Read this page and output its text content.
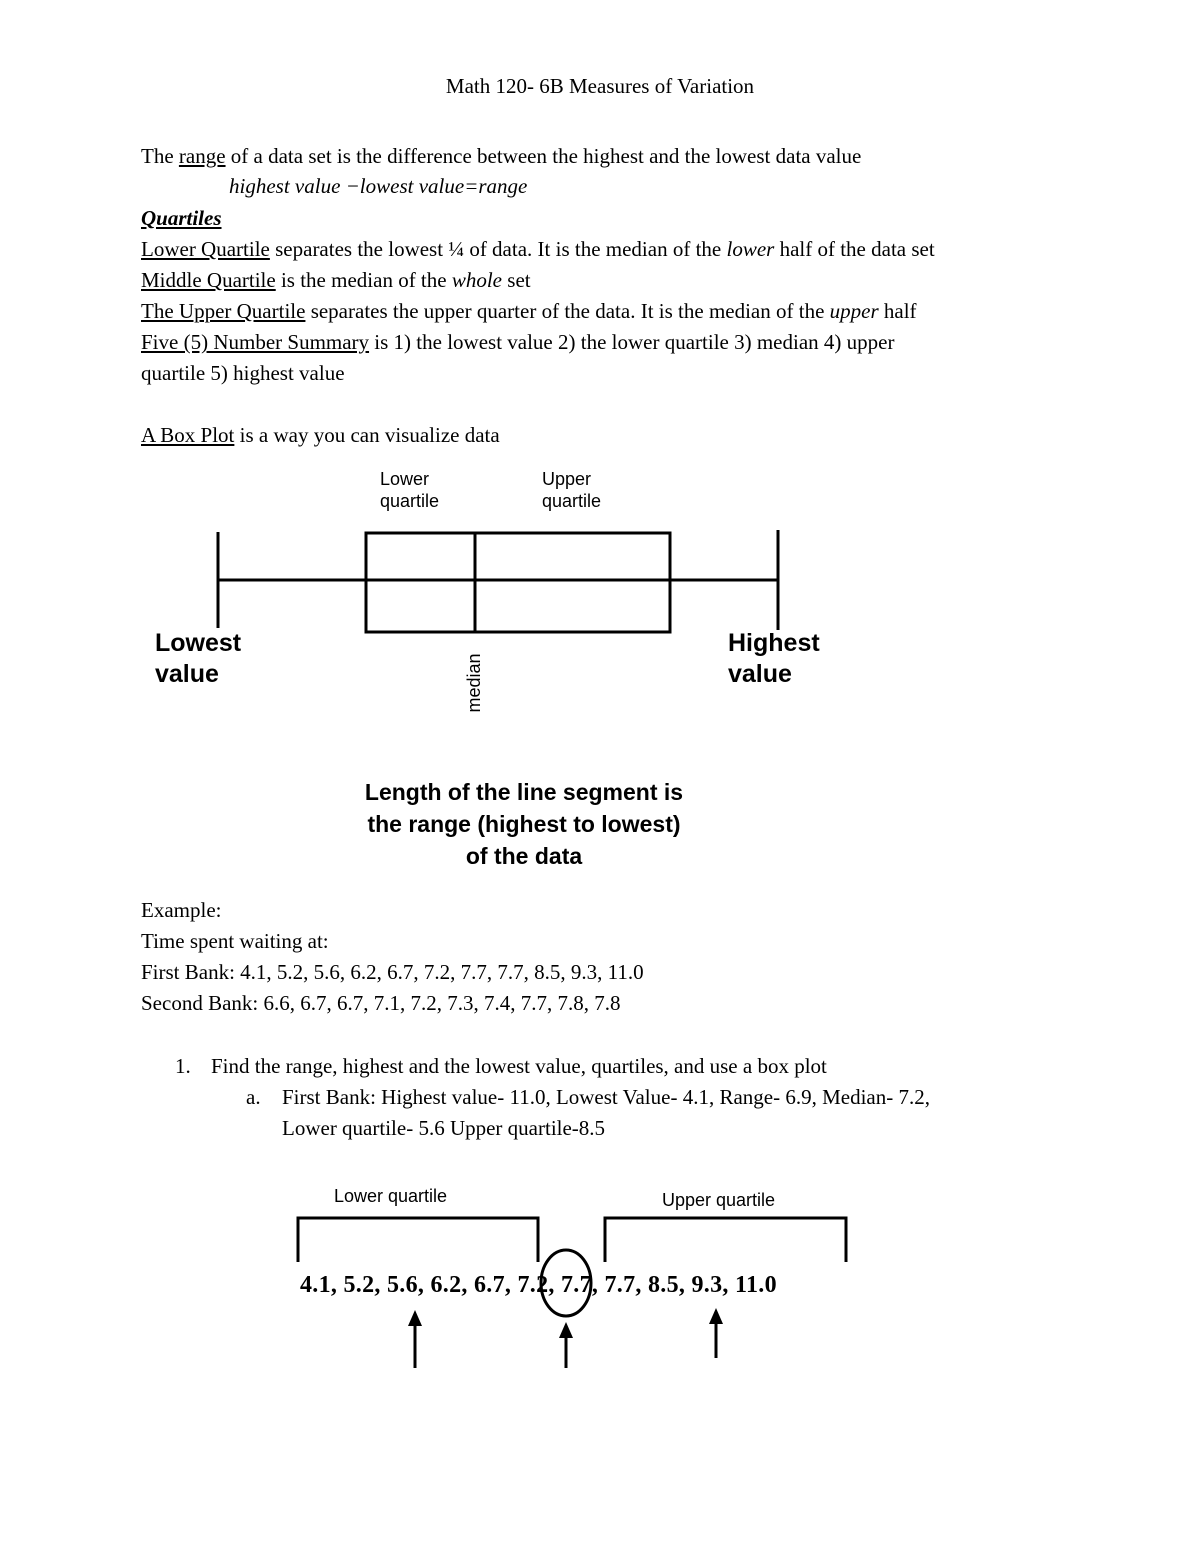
Math 120- 6B Measures of Variation
The range of a data set is the difference between the highest and the lowest data value
highest value −lowest value=range
Quartiles
Lower Quartile separates the lowest ¼ of data. It is the median of the lower half of the data set
Middle Quartile is the median of the whole set
The Upper Quartile separates the upper quarter of the data. It is the median of the upper half
Five (5) Number Summary is 1) the lowest value 2) the lower quartile 3) median 4) upper
quartile 5) highest value
A Box Plot is a way you can visualize data
Lower
quartile
Upper
quartile
Lowest
value
Highest
value
median
Length of the line segment is the range (highest to lowest) of the data
Example:
Time spent waiting at:
First Bank: 4.1, 5.2, 5.6, 6.2, 6.7, 7.2, 7.7, 7.7, 8.5, 9.3, 11.0
Second Bank: 6.6, 6.7, 6.7, 7.1, 7.2, 7.3, 7.4, 7.7, 7.8, 7.8
1. Find the range, highest and the lowest value, quartiles, and use a box plot
a. First Bank: Highest value- 11.0, Lowest Value- 4.1, Range- 6.9, Median- 7.2,
Lower quartile- 5.6 Upper quartile-8.5
Lower quartile	Upper quartile
4.1, 5.2, 5.6, 6.2, 6.7, 7.2, 7.7, 7.7, 8.5, 9.3, 11.0
